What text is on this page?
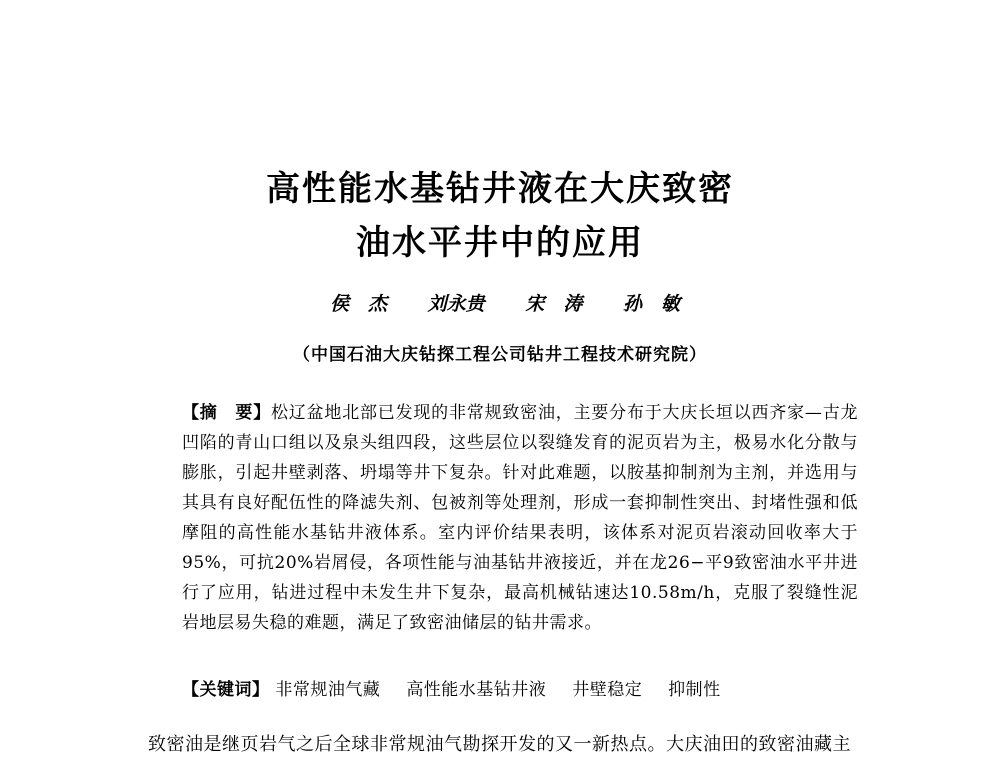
高性能水基钻井液在大庆致密
油水平井中的应用
侯　杰 刘永贵 宋　涛 孙　敏
（中国石油大庆钻探工程公司钻井工程技术研究院）
【摘　要】松辽盆地北部已发现的非常规致密油，主要分布于大庆长垣以西齐家—古龙凹陷的青山口组以及泉头组四段，这些层位以裂缝发育的泥页岩为主，极易水化分散与膨胀，引起井壁剥落、坍塌等井下复杂。针对此难题，以胺基抑制剂为主剂，并选用与其具有良好配伍性的降滤失剂、包被剂等处理剂，形成一套抑制性突出、封堵性强和低摩阻的高性能水基钻井液体系。室内评价结果表明，该体系对泥页岩滚动回收率大于95%，可抗20%岩屑侵，各项性能与油基钻井液接近，并在龙26−平9致密油水平井进行了应用，钻进过程中未发生井下复杂，最高机械钻速达10.58m/h，克服了裂缝性泥岩地层易失稳的难题，满足了致密油储层的钻井需求。
【关键词】 非常规油气藏 高性能水基钻井液 井壁稳定 抑制性
致密油是继页岩气之后全球非常规油气勘探开发的又一新热点。大庆油田的致密油藏主
